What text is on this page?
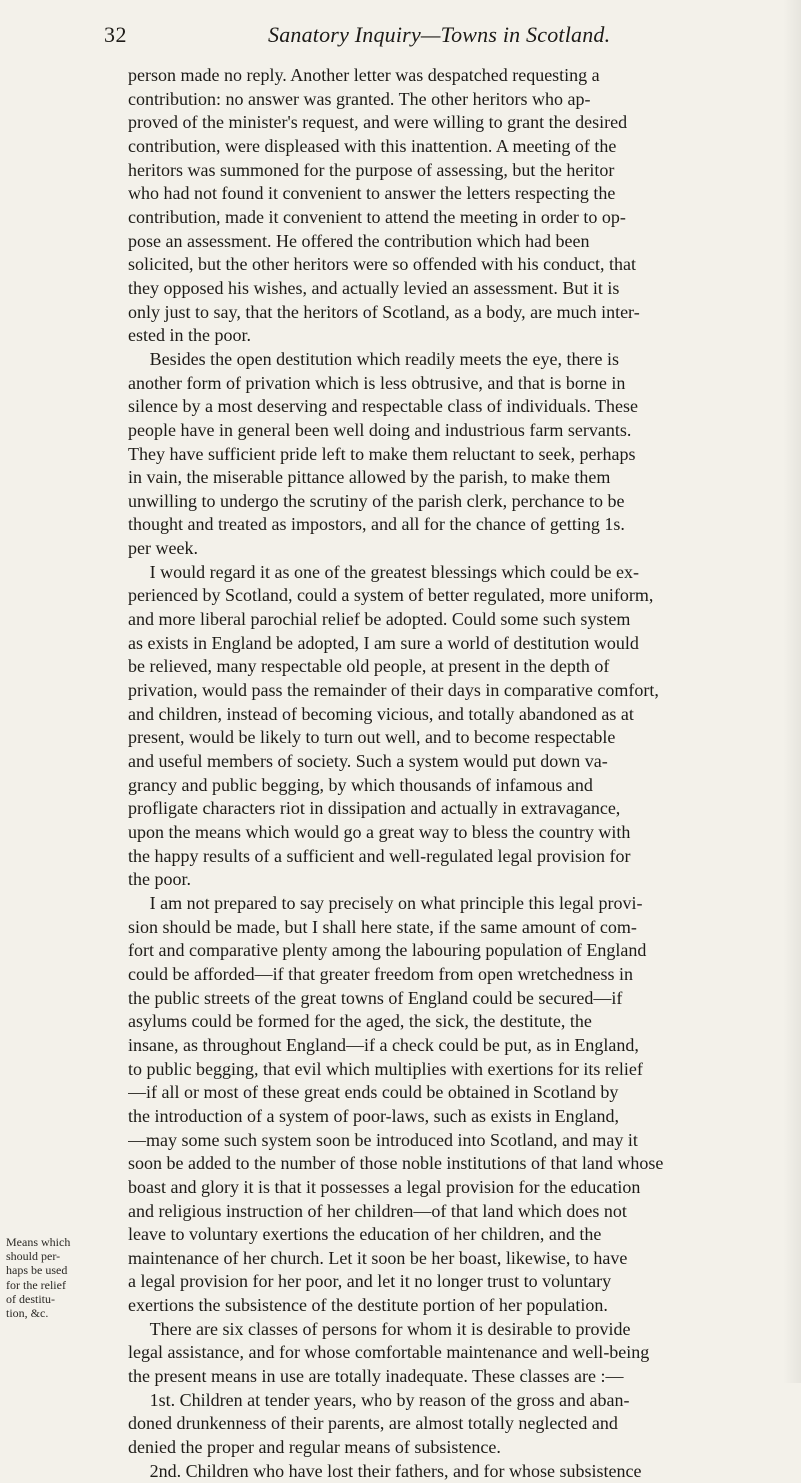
32	Sanatory Inquiry—Towns in Scotland.
Means which
should per-
haps be used
for the relief
of destitu-
tion, &c.

person made no reply. Another letter was despatched requesting a
contribution: no answer was granted. The other heritors who ap-
proved of the minister's request, and were willing to grant the desired
contribution, were displeased with this inattention. A meeting of the
heritors was summoned for the purpose of assessing, but the heritor
who had not found it convenient to answer the letters respecting the
contribution, made it convenient to attend the meeting in order to op-
pose an assessment. He offered the contribution which had been
solicited, but the other heritors were so offended with his conduct, that
they opposed his wishes, and actually levied an assessment. But it is
only just to say, that the heritors of Scotland, as a body, are much inter-
ested in the poor.

Besides the open destitution which readily meets the eye, there is
another form of privation which is less obtrusive, and that is borne in
silence by a most deserving and respectable class of individuals. These
people have in general been well doing and industrious farm servants.
They have sufficient pride left to make them reluctant to seek, perhaps
in vain, the miserable pittance allowed by the parish, to make them
unwilling to undergo the scrutiny of the parish clerk, perchance to be
thought and treated as impostors, and all for the chance of getting 1s.
per week.

I would regard it as one of the greatest blessings which could be ex-
perienced by Scotland, could a system of better regulated, more uniform,
and more liberal parochial relief be adopted. Could some such system
as exists in England be adopted, I am sure a world of destitution would
be relieved, many respectable old people, at present in the depth of
privation, would pass the remainder of their days in comparative comfort,
and children, instead of becoming vicious, and totally abandoned as at
present, would be likely to turn out well, and to become respectable
and useful members of society. Such a system would put down va-
grancy and public begging, by which thousands of infamous and
profligate characters riot in dissipation and actually in extravagance,
upon the means which would go a great way to bless the country with
the happy results of a sufficient and well-regulated legal provision for
the poor.

I am not prepared to say precisely on what principle this legal provi-
sion should be made, but I shall here state, if the same amount of com-
fort and comparative plenty among the labouring population of England
could be afforded—if that greater freedom from open wretchedness in
the public streets of the great towns of England could be secured—if
asylums could be formed for the aged, the sick, the destitute, the
insane, as throughout England—if a check could be put, as in England,
to public begging, that evil which multiplies with exertions for its relief
—if all or most of these great ends could be obtained in Scotland by
the introduction of a system of poor-laws, such as exists in England,
—may some such system soon be introduced into Scotland, and may it
soon be added to the number of those noble institutions of that land whose
boast and glory it is that it possesses a legal provision for the education
and religious instruction of her children—of that land which does not
leave to voluntary exertions the education of her children, and the
maintenance of her church. Let it soon be her boast, likewise, to have
a legal provision for her poor, and let it no longer trust to voluntary
exertions the subsistence of the destitute portion of her population.

There are six classes of persons for whom it is desirable to provide
legal assistance, and for whose comfortable maintenance and well-being
the present means in use are totally inadequate. These classes are :—

1st. Children at tender years, who by reason of the gross and aban-
doned drunkenness of their parents, are almost totally neglected and
denied the proper and regular means of subsistence.

2nd. Children who have lost their fathers, and for whose subsistence
